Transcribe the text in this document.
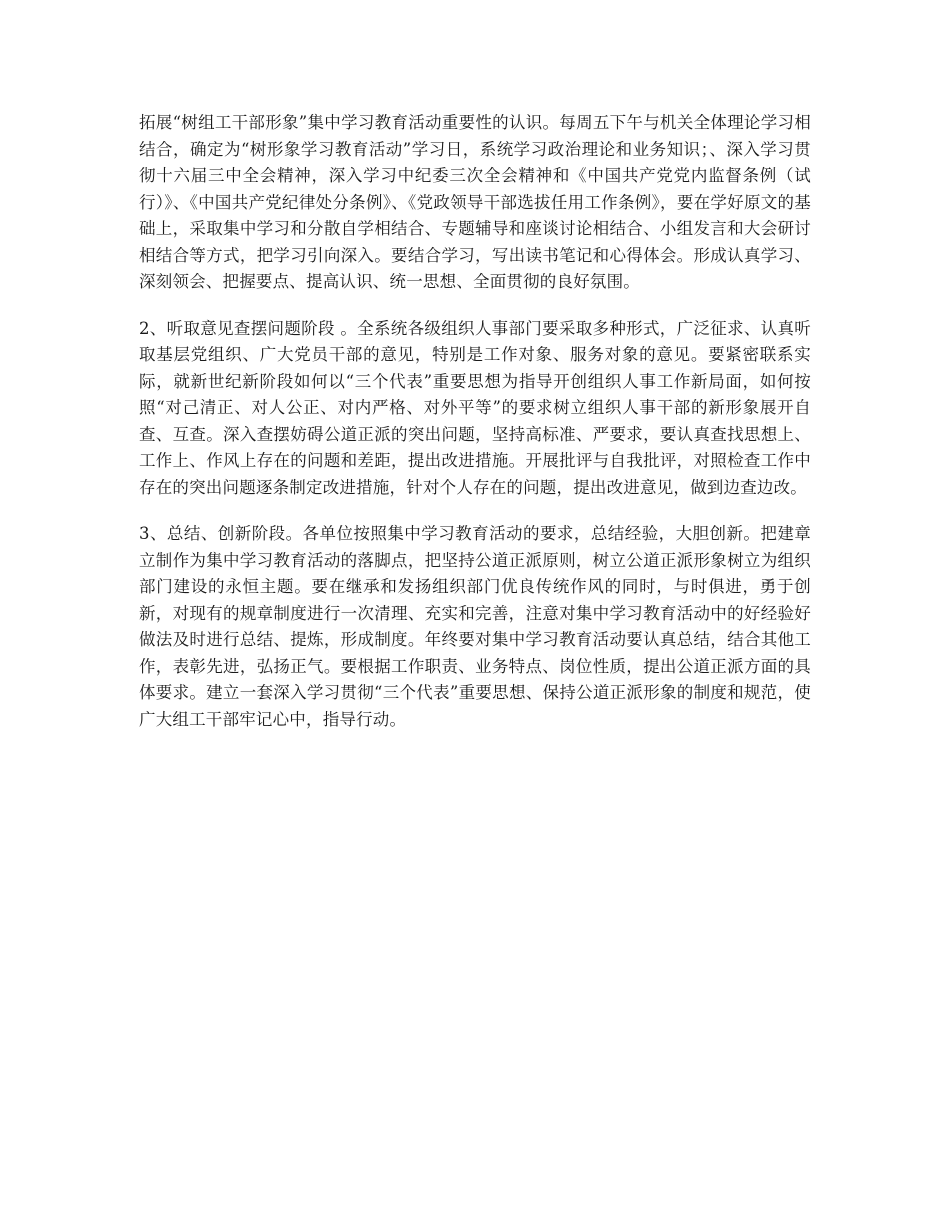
拓展“树组工干部形象”集中学习教育活动重要性的认识。每周五下午与机关全体理论学习相结合，确定为“树形象学习教育活动”学习日，系统学习政治理论和业务知识；、深入学习贯彻十六届三中全会精神，深入学习中纪委三次全会精神和《中国共产党党内监督条例（试行）》、《中国共产党纪律处分条例》、《党政领导干部选拔任用工作条例》，要在学好原文的基础上，采取集中学习和分散自学相结合、专题辅导和座谈讨论相结合、小组发言和大会研讨相结合等方式，把学习引向深入。要结合学习，写出读书笔记和心得体会。形成认真学习、深刻领会、把握要点、提高认识、统一思想、全面贯彻的良好氛围。

2、听取意见查摆问题阶段 。全系统各级组织人事部门要采取多种形式，广泛征求、认真听取基层党组织、广大党员干部的意见，特别是工作对象、服务对象的意见。要紧密联系实际，就新世纪新阶段如何以“三个代表”重要思想为指导开创组织人事工作新局面，如何按照“对己清正、对人公正、对内严格、对外平等”的要求树立组织人事干部的新形象展开自查、互查。深入查摆妨碍公道正派的突出问题，坚持高标准、严要求，要认真查找思想上、工作上、作风上存在的问题和差距，提出改进措施。开展批评与自我批评，对照检查工作中存在的突出问题逐条制定改进措施，针对个人存在的问题，提出改进意见，做到边查边改。

3、总结、创新阶段。各单位按照集中学习教育活动的要求，总结经验，大胆创新。把建章立制作为集中学习教育活动的落脚点，把坚持公道正派原则，树立公道正派形象树立为组织部门建设的永恒主题。要在继承和发扬组织部门优良传统作风的同时，与时俱进，勇于创新，对现有的规章制度进行一次清理、充实和完善，注意对集中学习教育活动中的好经验好做法及时进行总结、提炼，形成制度。年终要对集中学习教育活动要认真总结，结合其他工作，表彰先进，弘扬正气。要根据工作职责、业务特点、岗位性质，提出公道正派方面的具体要求。建立一套深入学习贯彻“三个代表”重要思想、保持公道正派形象的制度和规范，使广大组工干部牢记心中，指导行动。
